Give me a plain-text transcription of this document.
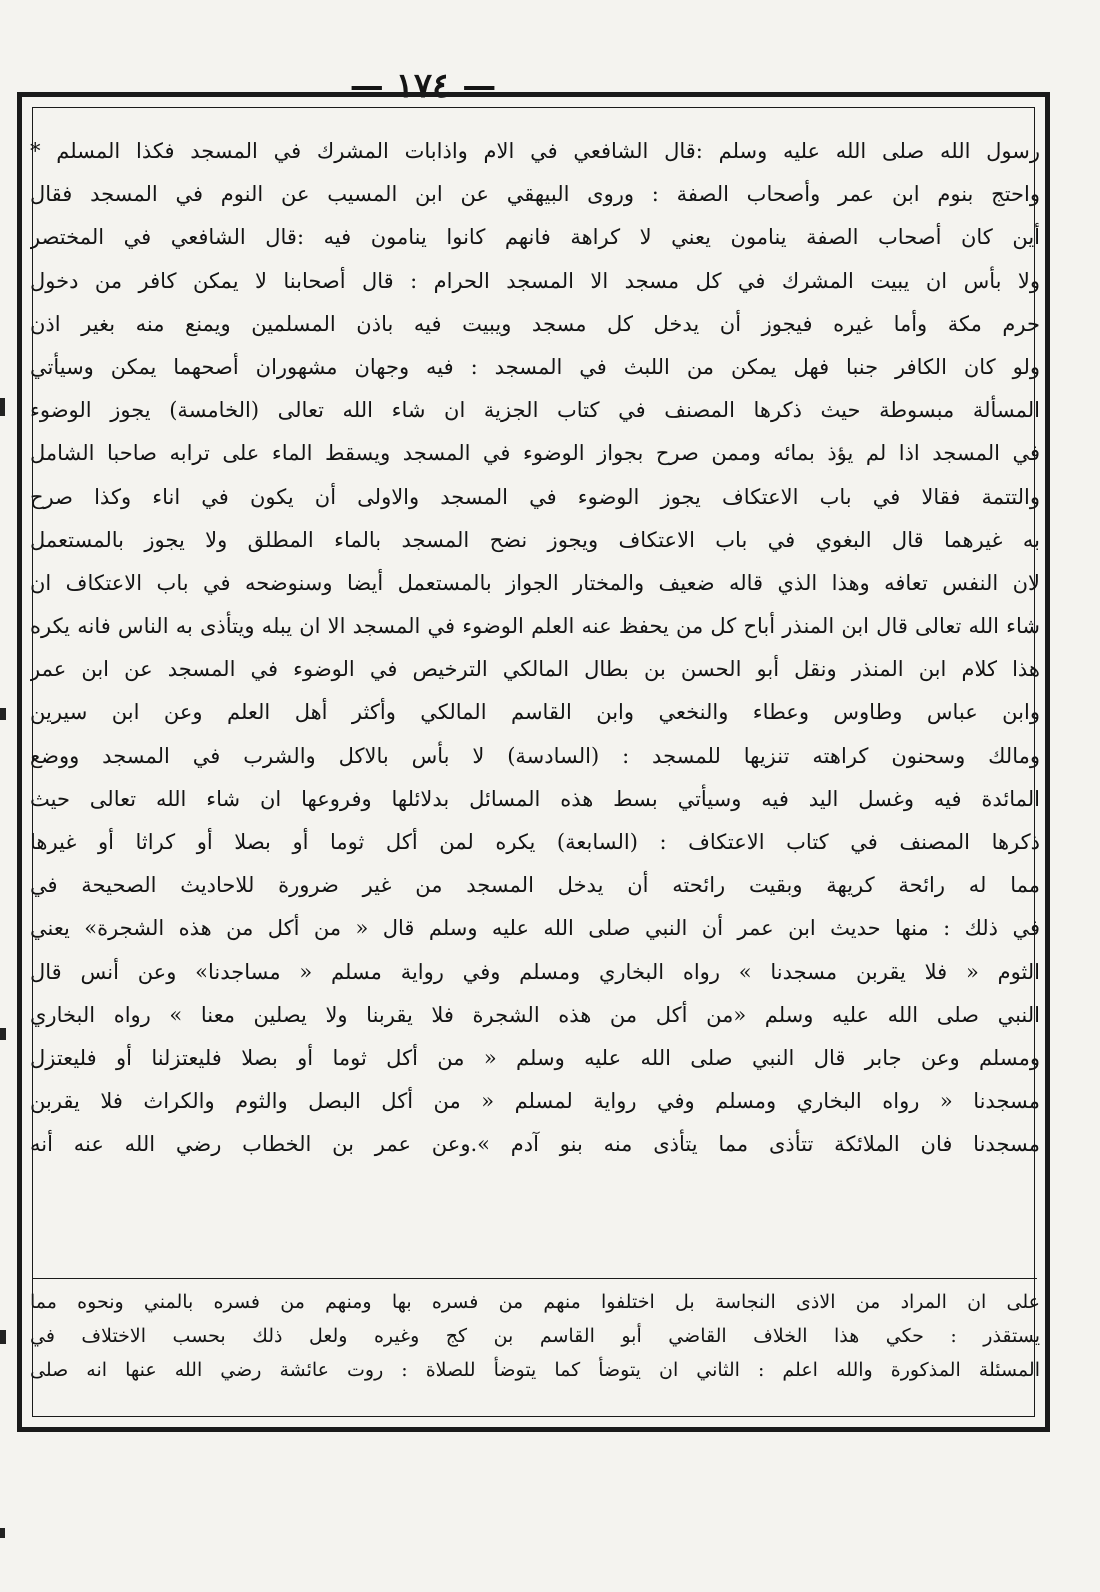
— ١٧٤ —
رسول الله صلى الله عليه وسلم :قال الشافعي في الام واذابات المشرك في المسجد فكذا المسلم *
واحتج بنوم ابن عمر وأصحاب الصفة : وروى البيهقي عن ابن المسيب عن النوم في المسجد فقال
أين كان أصحاب الصفة ينامون يعني لا كراهة فانهم كانوا ينامون فيه :قال الشافعي في المختصر
ولا بأس ان يبيت المشرك في كل مسجد الا المسجد الحرام : قال أصحابنا لا يمكن كافر من دخول
حرم مكة وأما غيره فيجوز أن يدخل كل مسجد ويبيت فيه باذن المسلمين ويمنع منه بغير اذن
ولو كان الكافر جنبا فهل يمكن من اللبث في المسجد : فيه وجهان مشهوران أصحهما يمكن وسيأتي
المسألة مبسوطة حيث ذكرها المصنف في كتاب الجزية ان شاء الله تعالى (الخامسة) يجوز الوضوء
في المسجد اذا لم يؤذ بمائه وممن صرح بجواز الوضوء في المسجد ويسقط الماء على ترابه صاحبا الشامل
والتتمة فقالا في باب الاعتكاف يجوز الوضوء في المسجد والاولى أن يكون في اناء وكذا صرح
به غيرهما قال البغوي في باب الاعتكاف ويجوز نضح المسجد بالماء المطلق ولا يجوز بالمستعمل
لان النفس تعافه وهذا الذي قاله ضعيف والمختار الجواز بالمستعمل أيضا وسنوضحه في باب الاعتكاف ان
شاء الله تعالى قال ابن المنذر أباح كل من يحفظ عنه العلم الوضوء في المسجد الا ان يبله ويتأذى به الناس فانه يكره
هذا كلام ابن المنذر ونقل أبو الحسن بن بطال المالكي الترخيص في الوضوء في المسجد عن ابن عمر
وابن عباس وطاوس وعطاء والنخعي وابن القاسم المالكي وأكثر أهل العلم وعن ابن سيرين
ومالك وسحنون كراهته تنزيها للمسجد : (السادسة) لا بأس بالاكل والشرب في المسجد ووضع
المائدة فيه وغسل اليد فيه وسيأتي بسط هذه المسائل بدلائلها وفروعها ان شاء الله تعالى حيث
ذكرها المصنف في كتاب الاعتكاف : (السابعة) يكره لمن أكل ثوما أو بصلا أو كراثا أو غيرها
مما له رائحة كريهة وبقيت رائحته أن يدخل المسجد من غير ضرورة للاحاديث الصحيحة في
في ذلك : منها حديث ابن عمر أن النبي صلى الله عليه وسلم قال « من أكل من هذه الشجرة» يعني
الثوم « فلا يقربن مسجدنا » رواه البخاري ومسلم وفي رواية مسلم « مساجدنا» وعن أنس قال
النبي صلى الله عليه وسلم «من أكل من هذه الشجرة فلا يقربنا ولا يصلين معنا » رواه البخاري
ومسلم وعن جابر قال النبي صلى الله عليه وسلم « من أكل ثوما أو بصلا فليعتزلنا أو فليعتزل
مسجدنا « رواه البخاري ومسلم وفي رواية لمسلم « من أكل البصل والثوم والكراث فلا يقربن
مسجدنا فان الملائكة تتأذى مما يتأذى منه بنو آدم ».وعن عمر بن الخطاب رضي الله عنه أنه
على ان المراد من الاذى النجاسة بل اختلفوا منهم من فسره بها ومنهم من فسره بالمني ونحوه مما
يستقذر : حكي هذا الخلاف القاضي أبو القاسم بن كج وغيره ولعل ذلك بحسب الاختلاف في
المسئلة المذكورة والله اعلم : الثاني ان يتوضأ كما يتوضأ للصلاة : روت عائشة رضي الله عنها انه صلى
